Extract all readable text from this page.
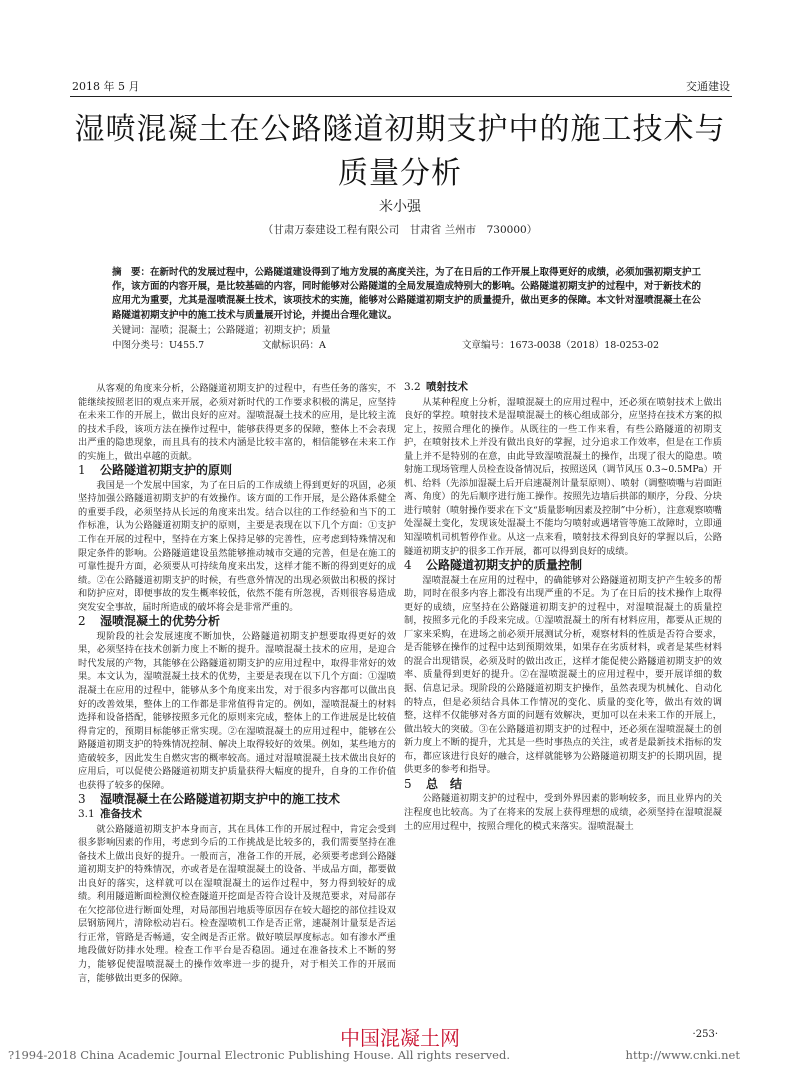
2018 年 5 月	交通建设
湿喷混凝土在公路隧道初期支护中的施工技术与质量分析
米小强
（甘肃万泰建设工程有限公司　甘肃省 兰州市　730000）
摘　要：在新时代的发展过程中，公路隧道建设得到了地方发展的高度关注，为了在日后的工作开展上取得更好的成绩，必须加强初期支护工作，该方面的内容开展，是比较基础的内容，同时能够对公路隧道的全局发展造成特别大的影响。公路隧道初期支护的过程中，对于新技术的应用尤为重要，尤其是湿喷混凝土技术，该项技术的实施，能够对公路隧道初期支护的质量提升，做出更多的保障。本文针对湿喷混凝土在公路隧道初期支护中的施工技术与质量展开讨论，并提出合理化建议。
关键词：湿喷；混凝土；公路隧道；初期支护；质量
中图分类号：U455.7	文献标识码：A	文章编号：1673-0038（2018）18-0253-02

从客观的角度来分析，公路隧道初期支护的过程中，有些任务的落实，不能继续按照老旧的观点来开展，必须对新时代的工作要求积极的满足，应坚持在未来工作的开展上，做出良好的应对。湿喷混凝土技术的应用，是比较主流的技术手段，该项方法在操作过程中，能够获得更多的保障，整体上不会表现出严重的隐患现象，而且具有的技术内涵是比较丰富的，相信能够在未来工作的实施上，做出卓越的贡献。

1 公路隧道初期支护的原则

我国是一个发展中国家，为了在日后的工作成绩上得到更好的巩固，必须坚持加强公路隧道初期支护的有效操作。该方面的工作开展，是公路体系健全的重要手段，必须坚持从长远的角度来出发。结合以往的工作经验和当下的工作标准，认为公路隧道初期支护的原则，主要是表现在以下几个方面：①支护工作在开展的过程中，坚持在方案上保持足够的完善性，应考虑到特殊情况和限定条件的影响。公路隧道建设虽然能够推动城市交通的完善，但是在施工的可靠性提升方面，必须要从可持续角度来出发，这样才能不断的得到更好的成绩。②在公路隧道初期支护的时候，有些意外情况的出现必须做出积极的探讨和防护应对，即便事故的发生概率较低，依然不能有所忽视，否则很容易造成突发安全事故，届时所造成的破坏将会是非常严重的。

2 湿喷混凝土的优势分析

现阶段的社会发展速度不断加快，公路隧道初期支护想要取得更好的效果，必须坚持在技术创新力度上不断的提升。湿喷混凝土技术的应用，是迎合时代发展的产物，其能够在公路隧道初期支护的应用过程中，取得非常好的效果。本文认为，湿喷混凝土技术的优势，主要是表现在以下几个方面：①湿喷混凝土在应用的过程中，能够从多个角度来出发，对于很多内容都可以做出良好的改善效果，整体上的工作都是非常值得肯定的。例如，湿喷混凝土的材料选择和设备搭配，能够按照多元化的原则来完成，整体上的工作进展是比较值得肯定的，预期目标能够正常实现。②在湿喷混凝土的应用过程中，能够在公路隧道初期支护的特殊情况控制、解决上取得较好的效果。例如，某些地方的造破较多，因此发生自燃灾害的概率较高。通过对湿喷混凝土技术做出良好的应用后，可以促使公路隧道初期支护质量获得大幅度的提升，自身的工作价值也获得了较多的保障。

3 湿喷混凝土在公路隧道初期支护中的施工技术
3.1 准备技术

就公路隧道初期支护本身而言，其在具体工作的开展过程中，肯定会受到很多影响因素的作用，考虑到今后的工作挑战是比较多的，我们需要坚持在准备技术上做出良好的提升。一般而言，准备工作的开展，必须要考虑到公路隧道初期支护的特殊情况，亦或者是在湿喷混凝土的设备、半成品方面，都要做出良好的落实，这样就可以在湿喷混凝土的运作过程中，努力得到较好的成绩。利用隧道断面检测仪检查隧道开挖面是否符合设计及规范要求，对局部存在欠挖部位进行断面处理，对局部围岩地质等原因存在较大超挖的部位挂设双层钢筋网片，清除松动岩石。检查湿喷机工作是否正常，速凝剂计量泵是否运行正常，管路是否畅通，安全阀是否正常。做好喷层厚度标志。如有渗水严重地段做好防排水处理。检查工作平台是否稳固。通过在准备技术上不断的努力，能够促使湿喷混凝土的操作效率进一步的提升，对于相关工作的开展而言，能够做出更多的保障。

3.2 喷射技术

从某种程度上分析，湿喷混凝土的应用过程中，还必须在喷射技术上做出良好的掌控。喷射技术是湿喷混凝土的核心组成部分，应坚持在技术方案的拟定上，按照合理化的操作。从既往的一些工作来看，有些公路隧道的初期支护，在喷射技术上并没有做出良好的掌握，过分追求工作效率，但是在工作质量上并不是特别的在意，由此导致湿喷混凝土的操作，出现了很大的隐患。喷射施工现场管理人员检查设备情况后，按照送风（调节风压 0.3~0.5MPa）开机、给料（先添加湿凝土后开启速凝剂计量泵原则）、喷射（调整喷嘴与岩面距离、角度）的先后顺序进行施工操作。按照先边墙后拱部的顺序，分段、分块进行喷射（喷射操作要求在下文“质量影响因素及控制”中分析），注意观察喷嘴处湿凝土变化，发现该处湿凝土不能均匀喷射或遇堵管等施工故障时，立即通知湿喷机司机暂停作业。从这一点来看，喷射技术得到良好的掌握以后，公路隧道初期支护的很多工作开展，都可以得到良好的成绩。

4 公路隧道初期支护的质量控制

湿喷混凝土在应用的过程中，的确能够对公路隧道初期支护产生较多的帮助，同时在很多内容上都没有出现严重的不足。为了在日后的技术操作上取得更好的成绩，应坚持在公路隧道初期支护的过程中，对湿喷混凝土的质量控制，按照多元化的手段来完成。①湿喷混凝土的所有材料应用，都要从正规的厂家来采购，在进场之前必须开展测试分析，观察材料的性质是否符合要求，是否能够在操作的过程中达到预期效果，如果存在劣质材料，或者是某些材料的混合出现错误，必须及时的做出改正，这样才能促使公路隧道初期支护的效率、质量得到更好的提升。②在湿喷混凝土的应用过程中，要开展详细的数据、信息记录。现阶段的公路隧道初期支护操作，虽然表现为机械化、自动化的特点，但是必须结合具体工作情况的变化、质量的变化等，做出有效的调整，这样不仅能够对各方面的问题有效解决，更加可以在未来工作的开展上，做出较大的突破。③在公路隧道初期支护的过程中，还必须在湿喷混凝土的创新力度上不断的提升，尤其是一些时事热点的关注，或者是最新技术指标的发布，都应该进行良好的融合，这样就能够为公路隧道初期支护的长期巩固，提供更多的参考和指导。

5 总　结

公路隧道初期支护的过程中，受到外界因素的影响较多，而且业界内的关注程度也比较高。为了在将来的发展上获得理想的成绩，必须坚持在湿喷混凝土的应用过程中，按照合理化的模式来落实。湿喷混凝土

中国混凝土网	·253·
?1994-2018 China Academic Journal Electronic Publishing House. All rights reserved.	http://www.cnki.net
